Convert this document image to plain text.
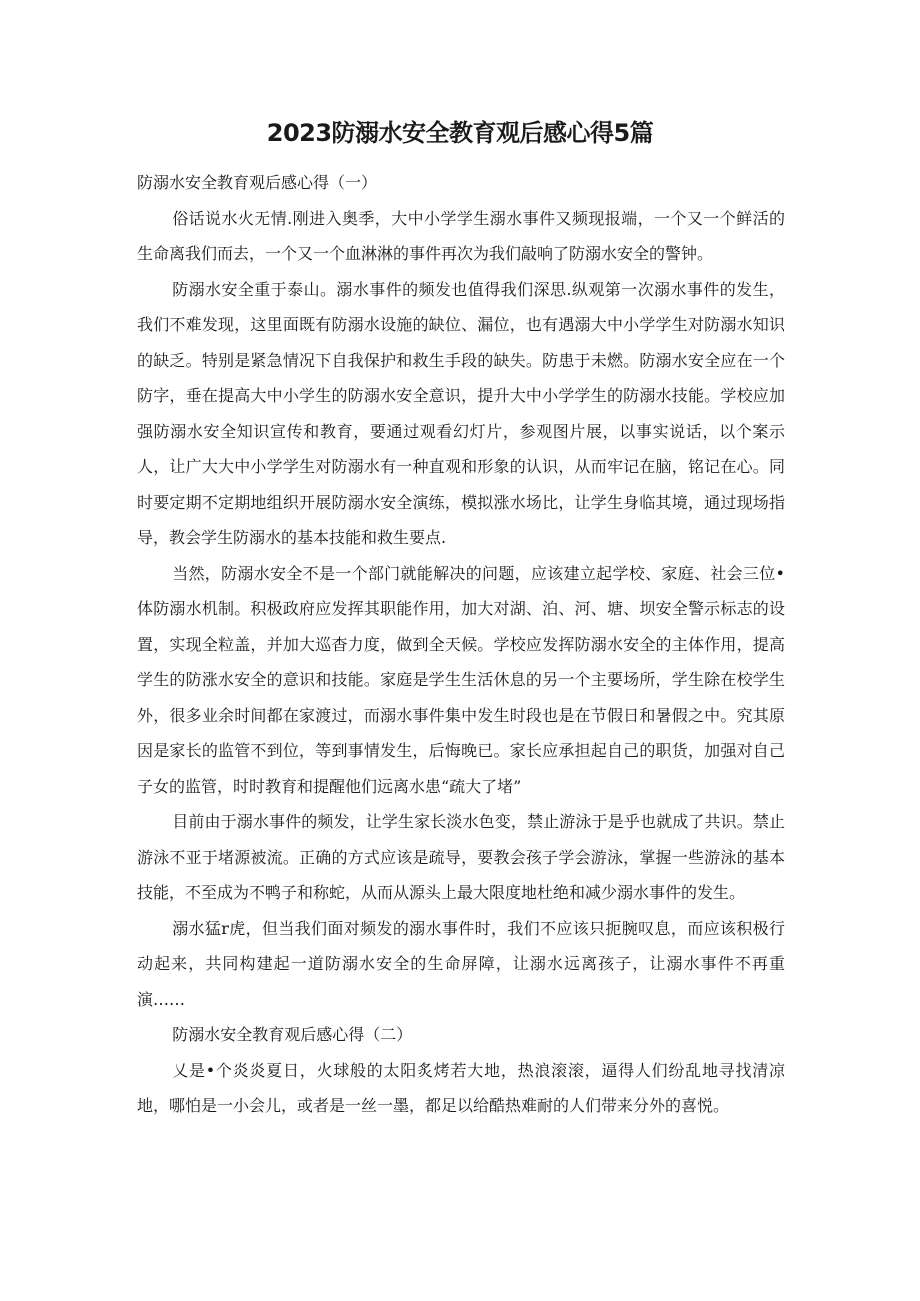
2023防溺水安全教育观后感心得5篇

防溺水安全教育观后感心得（一）

俗话说水火无情.刚进入奥季，大中小学学生溺水事件又频现报端，一个又一个鲜活的生命离我们而去，一个又一个血淋淋的事件再次为我们敲响了防溺水安全的警钟。

防溺水安全重于泰山。溺水事件的频发也值得我们深思.纵观第一次溺水事件的发生，我们不难发现，这里面既有防溺水设施的缺位、漏位，也有遇溺大中小学学生对防溺水知识的缺乏。特别是紧急情况下自我保护和救生手段的缺失。防患于未燃。防溺水安全应在一个防字，垂在提高大中小学生的防溺水安全意识，提升大中小学学生的防溺水技能。学校应加强防溺水安全知识宣传和教育，要通过观看幻灯片，参观图片展，以事实说话，以个案示人，让广大大中小学学生对防溺水有一种直观和形象的认识，从而牢记在脑，铭记在心。同时要定期不定期地组织开展防溺水安全演练，模拟涨水场比，让学生身临其境，通过现场指导，教会学生防溺水的基本技能和救生要点.

当然，防溺水安全不是一个部门就能解决的问题，应该建立起学校、家庭、社会三位•体防溺水机制。积极政府应发挥其职能作用，加大对湖、泊、河、塘、坝安全警示标志的设置，实现全粒盖，并加大巡杳力度，做到全天候。学校应发挥防溺水安全的主体作用，提高学生的防涨水安全的意识和技能。家庭是学生生活休息的另一个主要场所，学生除在校学生外，很多业余时间都在家渡过，而溺水事件集中发生时段也是在节假日和暑假之中。究其原因是家长的监管不到位，等到事情发生，后悔晚已。家长应承担起自己的职货，加强对自己子女的监管，时时教育和提醒他们远离水患“疏大了堵”

目前由于溺水事件的频发，让学生家长淡水色变，禁止游泳于是乎也就成了共识。禁止游泳不亚于堵源被流。正确的方式应该是疏导，要教会孩子学会游泳，掌握一些游泳的基本技能，不至成为不鸭子和称蛇，从而从源头上最大限度地杜绝和减少溺水事件的发生。

溺水猛r虎，但当我们面对频发的溺水事件时，我们不应该只扼腕叹息，而应该积极行动起来，共同构建起一道防溺水安全的生命屏障，让溺水远离孩子，让溺水事件不再重演……

防溺水安全教育观后感心得（二）

乂是•个炎炎夏日，火球般的太阳炙烤若大地，热浪滚滚，逼得人们纷乱地寻找清凉地，哪怕是一小会儿，或者是一丝一墨，都足以给酷热难耐的人们带来分外的喜悦。
